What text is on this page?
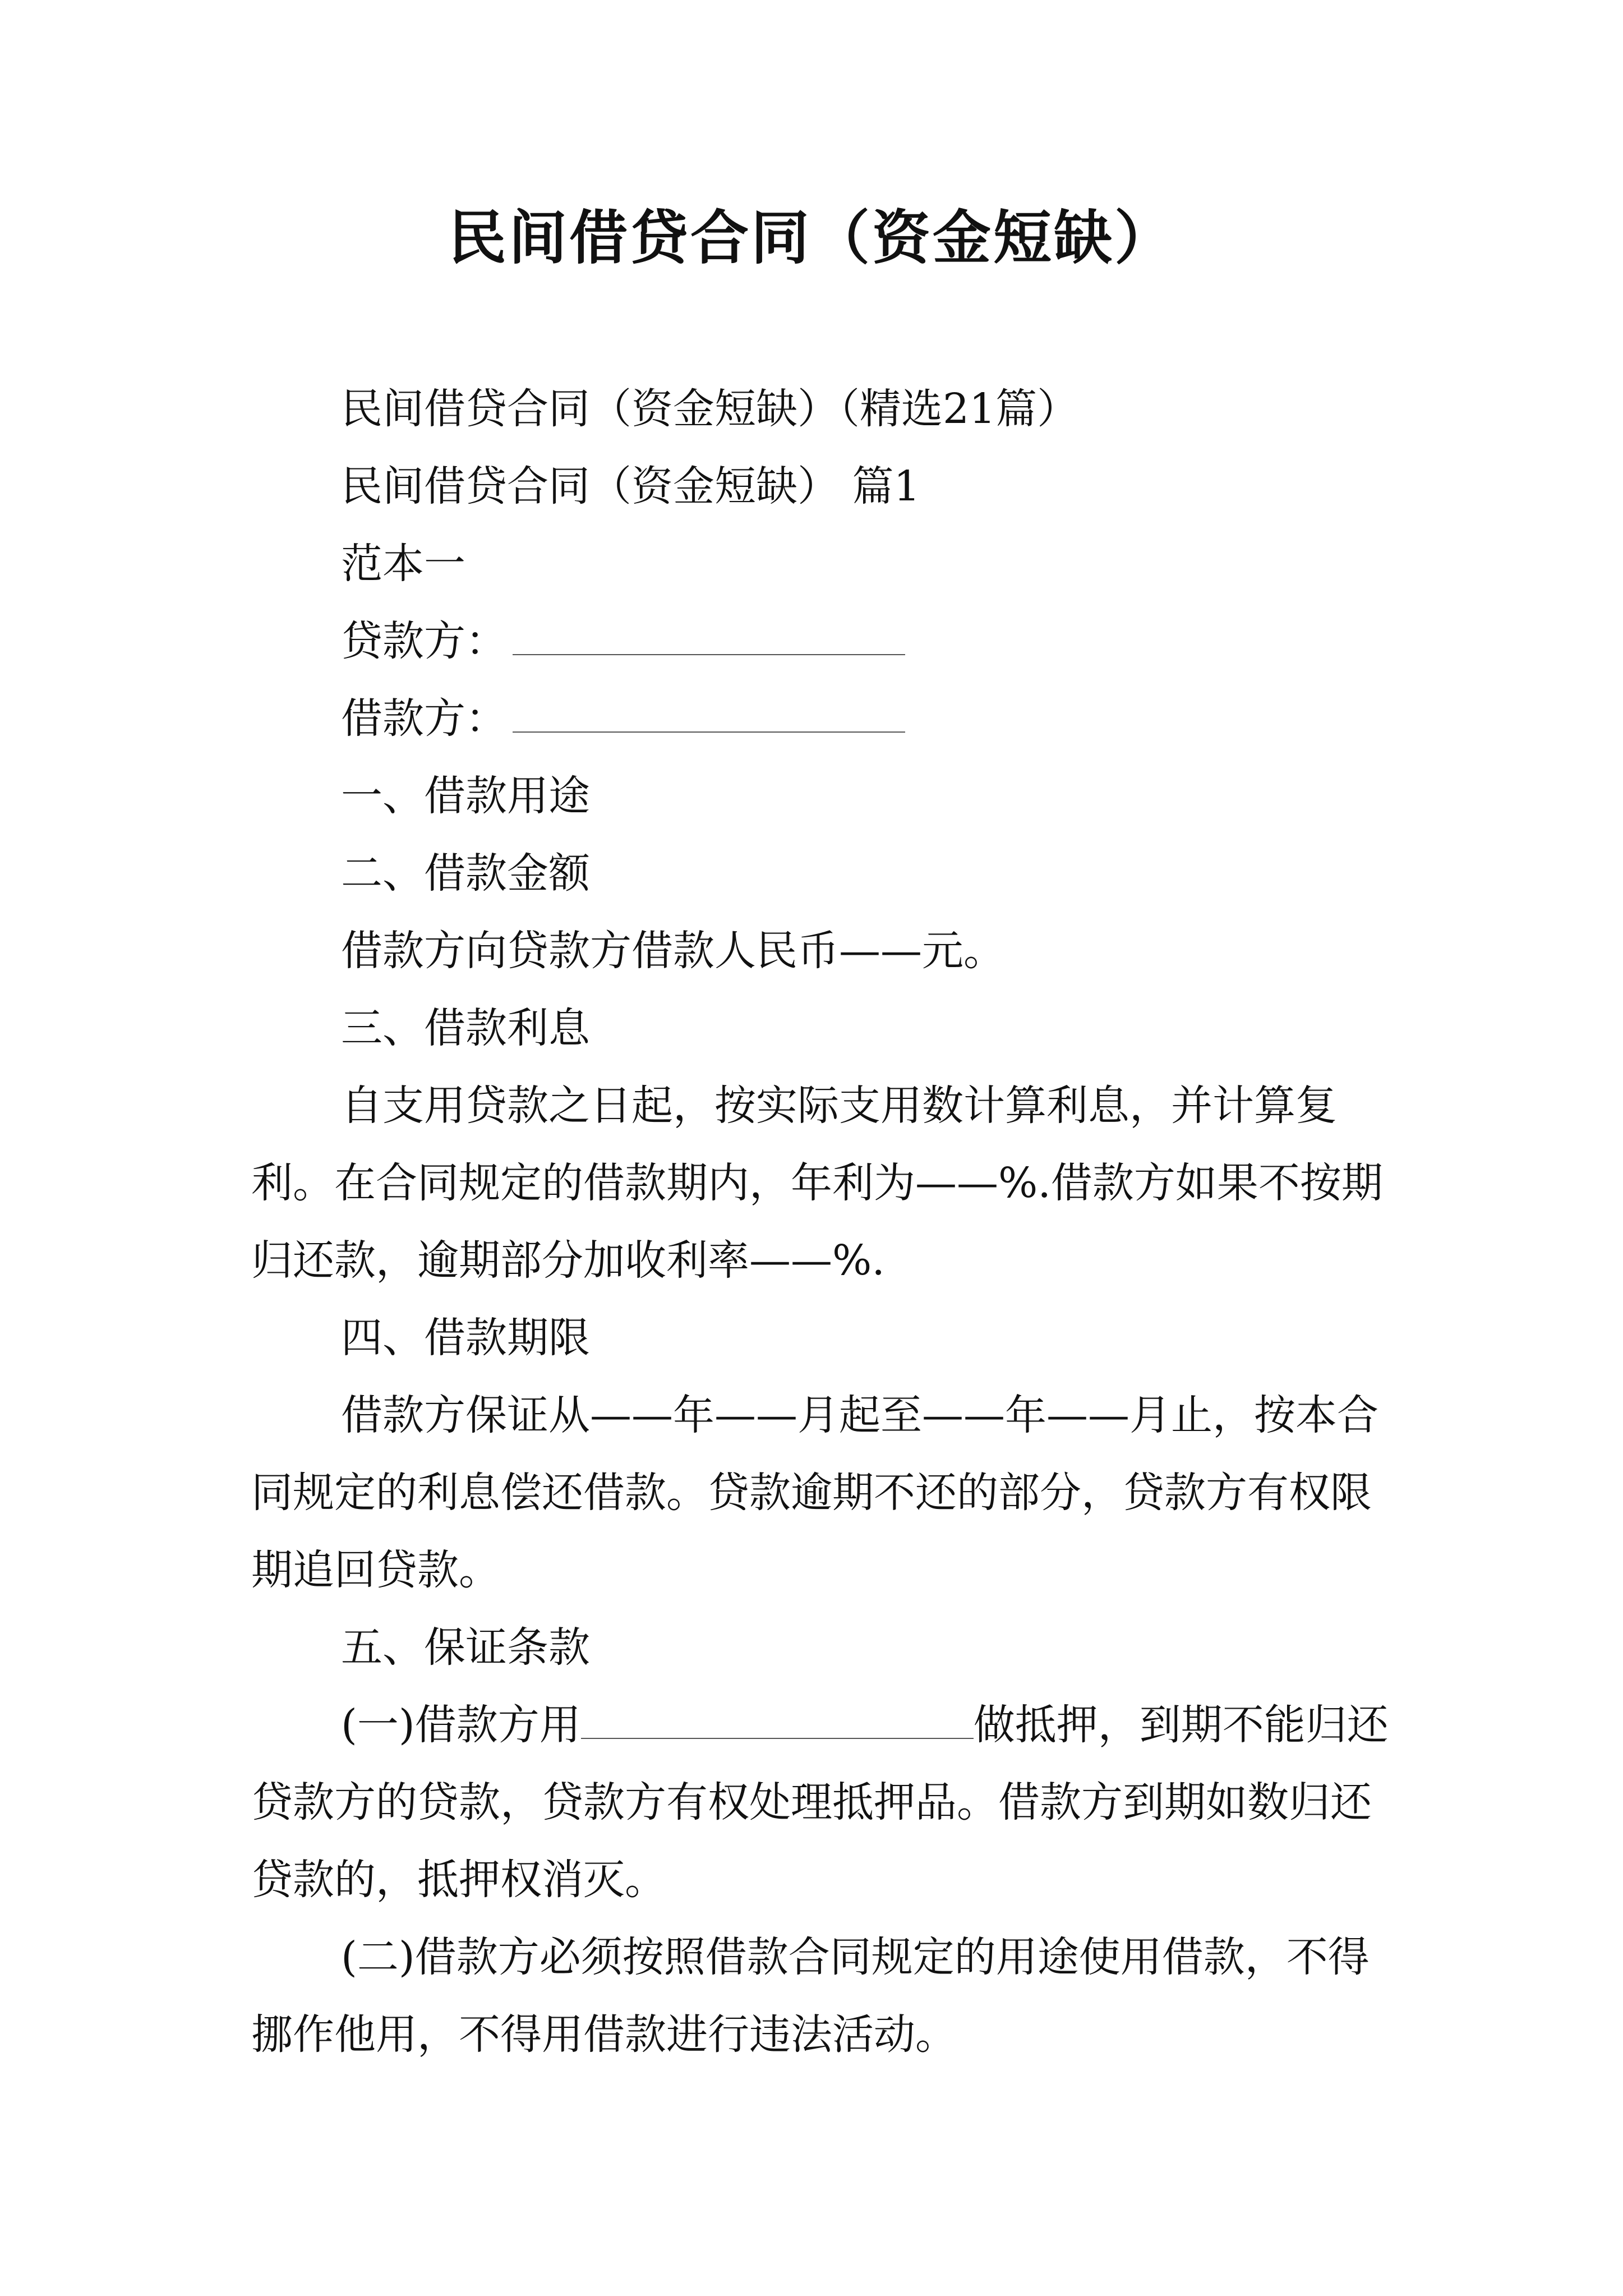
民间借贷合同（资金短缺）

民间借贷合同（资金短缺）（精选21篇）

民间借贷合同（资金短缺） 篇1

范本一

贷款方：

借款方：

一、借款用途

二、借款金额

借款方向贷款方借款人民币——元。

三、借款利息

自支用贷款之日起，按实际支用数计算利息，并计算复利。在合同规定的借款期内，年利为——%.借款方如果不按期归还款，逾期部分加收利率——%.

四、借款期限

借款方保证从——年——月起至——年——月止，按本合同规定的利息偿还借款。贷款逾期不还的部分，贷款方有权限期追回贷款。

五、保证条款

(一)借款方用	做抵押，到期不能归还贷款方的贷款，贷款方有权处理抵押品。借款方到期如数归还贷款的，抵押权消灭。

(二)借款方必须按照借款合同规定的用途使用借款，不得挪作他用，不得用借款进行违法活动。
